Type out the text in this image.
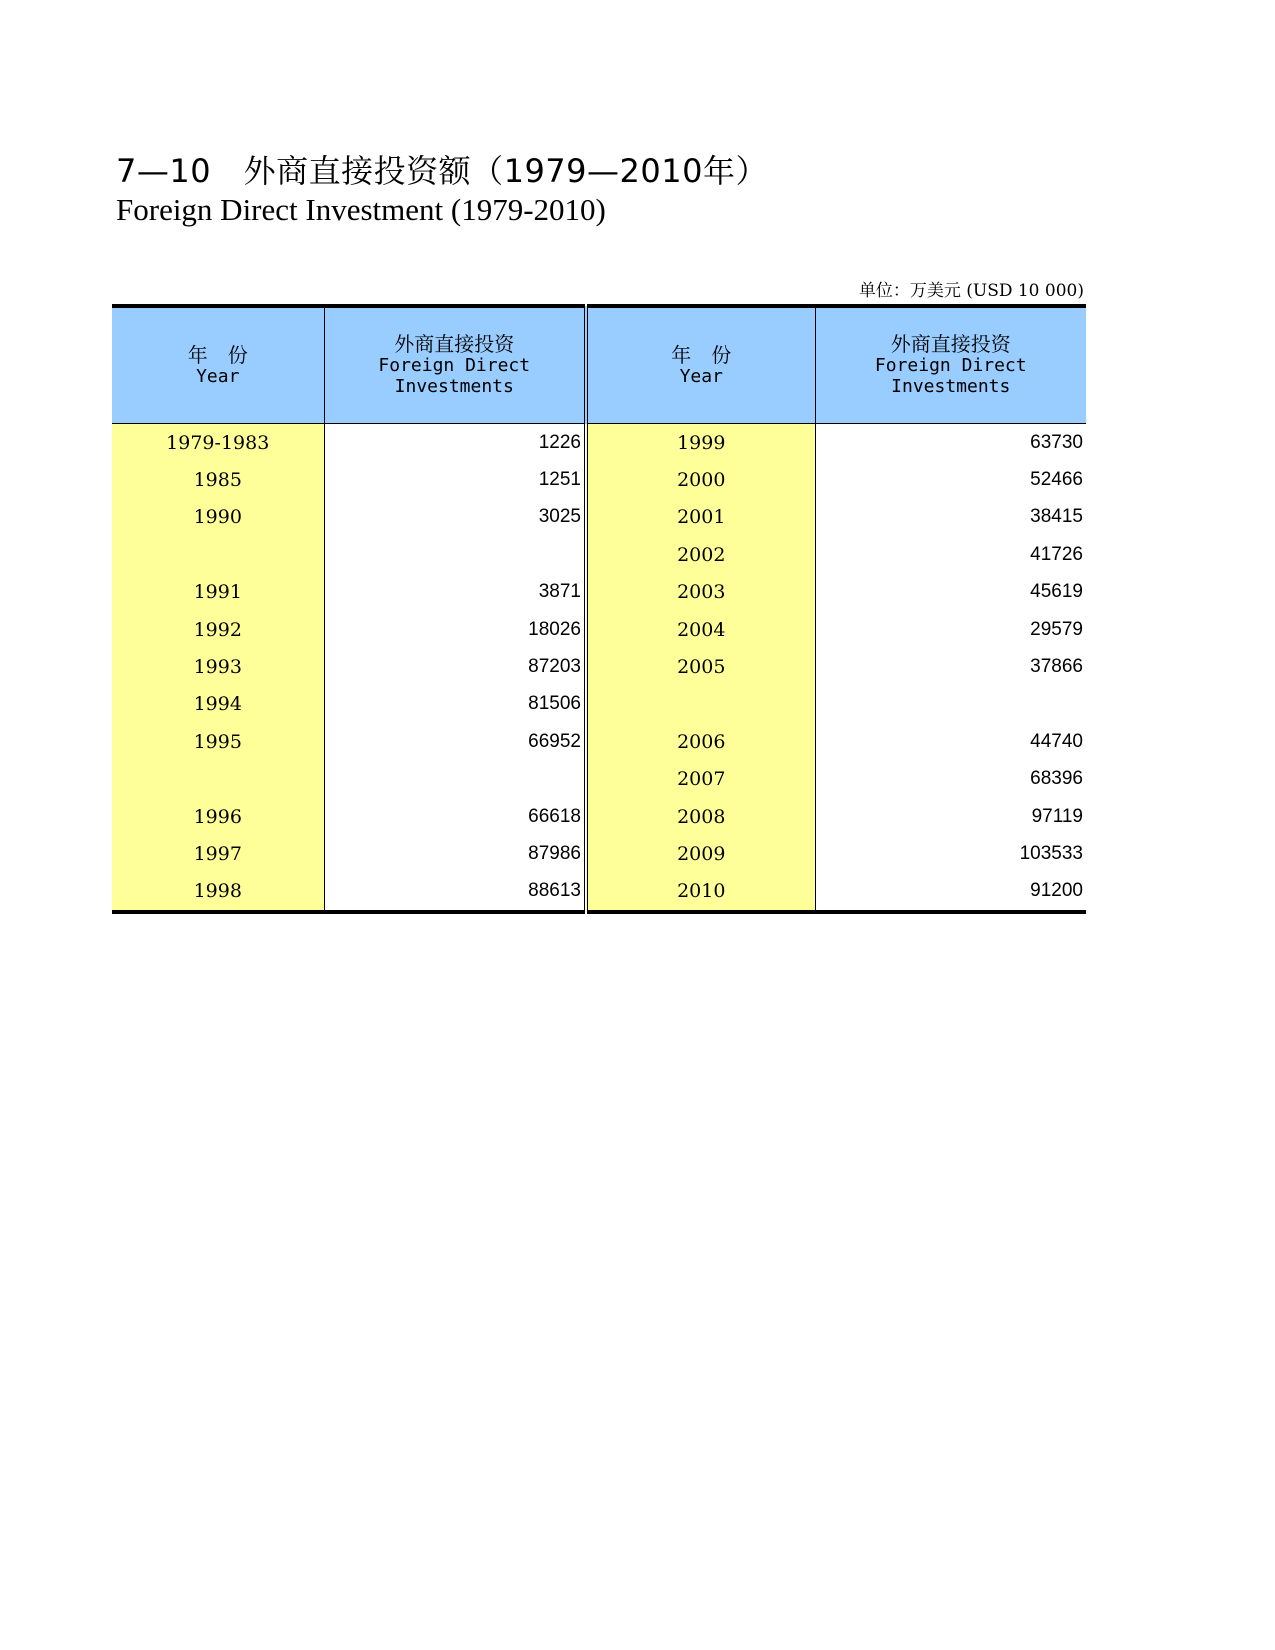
7—10　外商直接投资额（1979—2010年）
Foreign Direct Investment (1979-2010)
单位：万美元 (USD 10 000)
年　份
Year	外商直接投资
Foreign Direct
Investments	年　份
Year	外商直接投资
Foreign Direct
Investments

1979-1983	1226	1999	63730
1985	1251	2000	52466
1990	3025	2001	38415
		2002	41726
1991	3871	2003	45619
1992	18026	2004	29579
1993	87203	2005	37866
1994	81506		
1995	66952	2006	44740
		2007	68396
1996	66618	2008	97119
1997	87986	2009	103533
1998	88613	2010	91200
